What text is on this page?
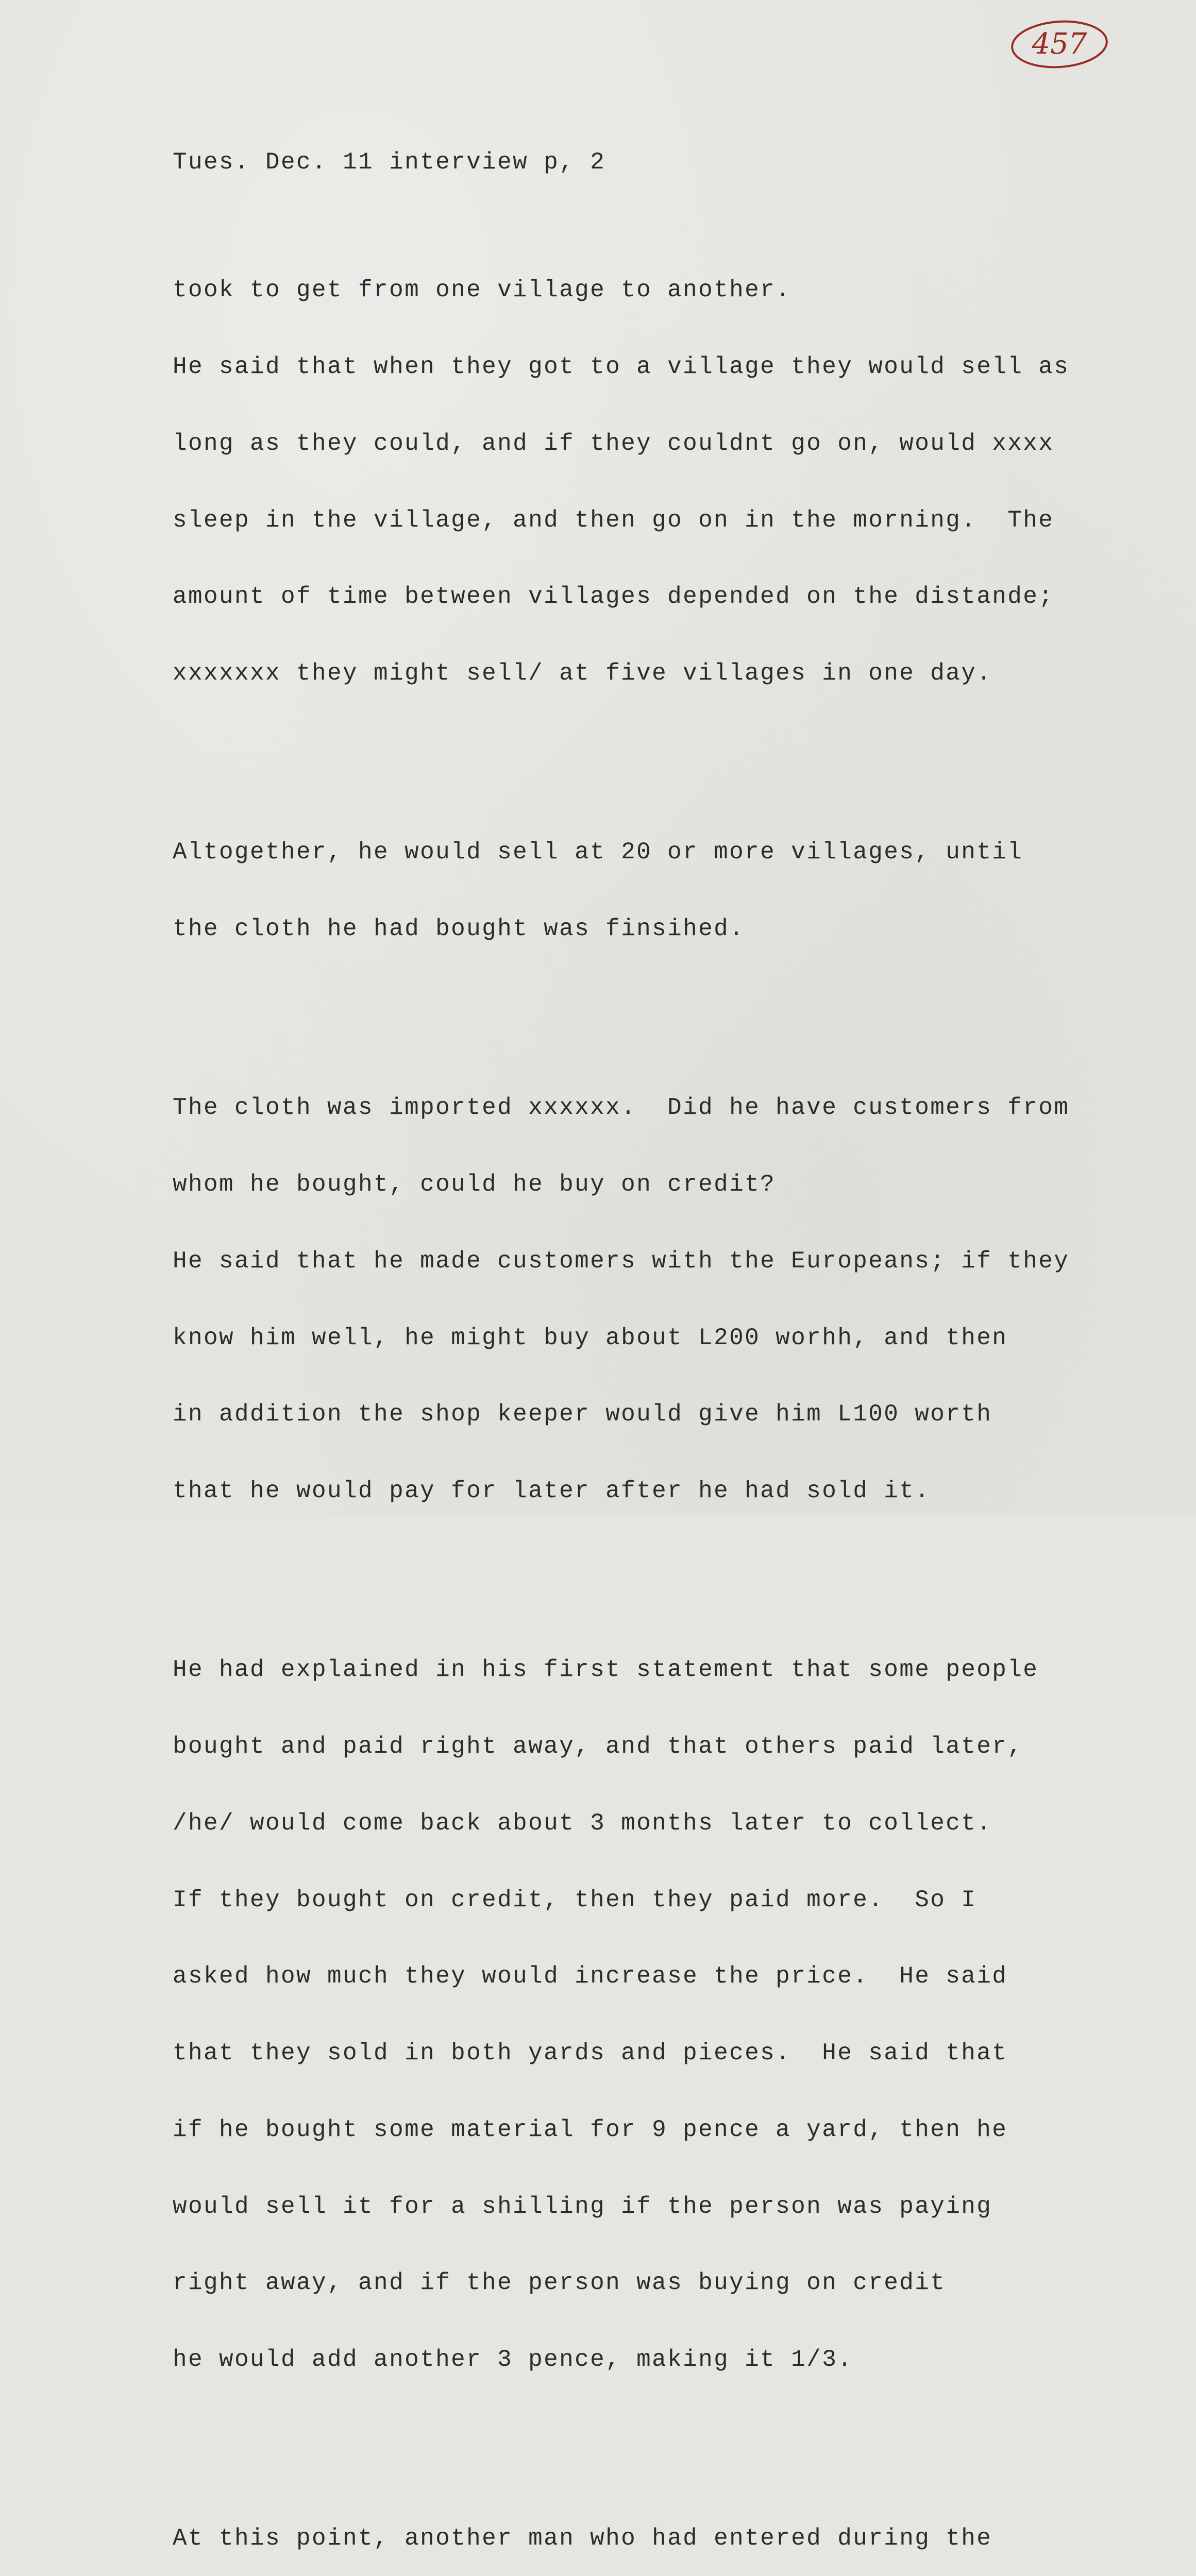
457

Tues. Dec. 11 interview p, 2

took to get from one village to another.

He said that when they got to a village they would sell as

long as they could, and if they couldnt go on, would xxxx

sleep in the village, and then go on in the morning.  The

amount of time between villages depended on the distande;

xxxxxxx they might sell/ at five villages in one day.

Altogether, he would sell at 20 or more villages, until

the cloth he had bought was finsihed.

The cloth was imported xxxxxx.  Did he have customers from

whom he bought, could he buy on credit?

He said that he made customers with the Europeans; if they

know him well, he might buy about L200 worhh, and then

in addition the shop keeper would give him L100 worth

that he would pay for later after he had sold it.

He had explained in his first statement that some people

bought and paid right away, and that others paid later,

/he/ would come back about 3 months later to collect.

If they bought on credit, then they paid more.  So I

asked how much they would increase the price.  He said

that they sold in both yards and pieces.  He said that

if he bought some material for 9 pence a yard, then he

would sell it for a shilling if the person was paying

right away, and if the person was buying on credit

he would add another 3 pence, making it 1/3.

At this point, another man who had entered during the
